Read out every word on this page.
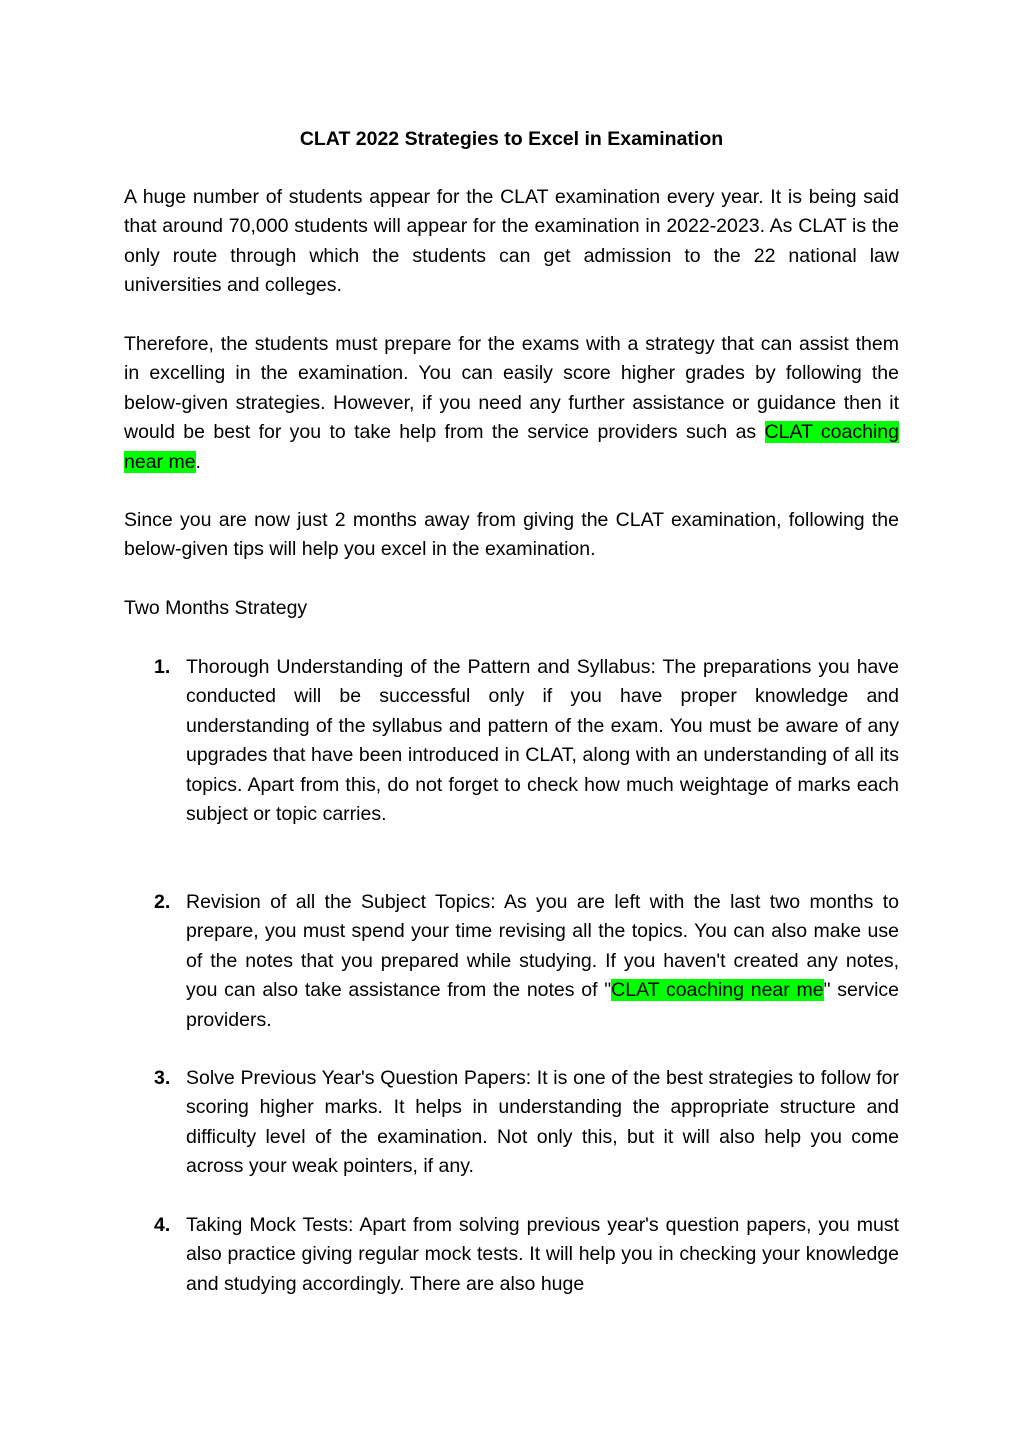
CLAT 2022 Strategies to Excel in Examination

A huge number of students appear for the CLAT examination every year. It is being said that around 70,000 students will appear for the examination in 2022-2023. As CLAT is the only route through which the students can get admission to the 22 national law universities and colleges.

Therefore, the students must prepare for the exams with a strategy that can assist them in excelling in the examination. You can easily score higher grades by following the below-given strategies. However, if you need any further assistance or guidance then it would be best for you to take help from the service providers such as CLAT coaching near me.

Since you are now just 2 months away from giving the CLAT examination, following the below-given tips will help you excel in the examination.

Two Months Strategy

1. Thorough Understanding of the Pattern and Syllabus: The preparations you have conducted will be successful only if you have proper knowledge and understanding of the syllabus and pattern of the exam. You must be aware of any upgrades that have been introduced in CLAT, along with an understanding of all its topics. Apart from this, do not forget to check how much weightage of marks each subject or topic carries.
2. Revision of all the Subject Topics: As you are left with the last two months to prepare, you must spend your time revising all the topics. You can also make use of the notes that you prepared while studying. If you haven't created any notes, you can also take assistance from the notes of "CLAT coaching near me" service providers.
3. Solve Previous Year's Question Papers: It is one of the best strategies to follow for scoring higher marks. It helps in understanding the appropriate structure and difficulty level of the examination. Not only this, but it will also help you come across your weak pointers, if any.
4. Taking Mock Tests: Apart from solving previous year's question papers, you must also practice giving regular mock tests. It will help you in checking your knowledge and studying accordingly. There are also huge
